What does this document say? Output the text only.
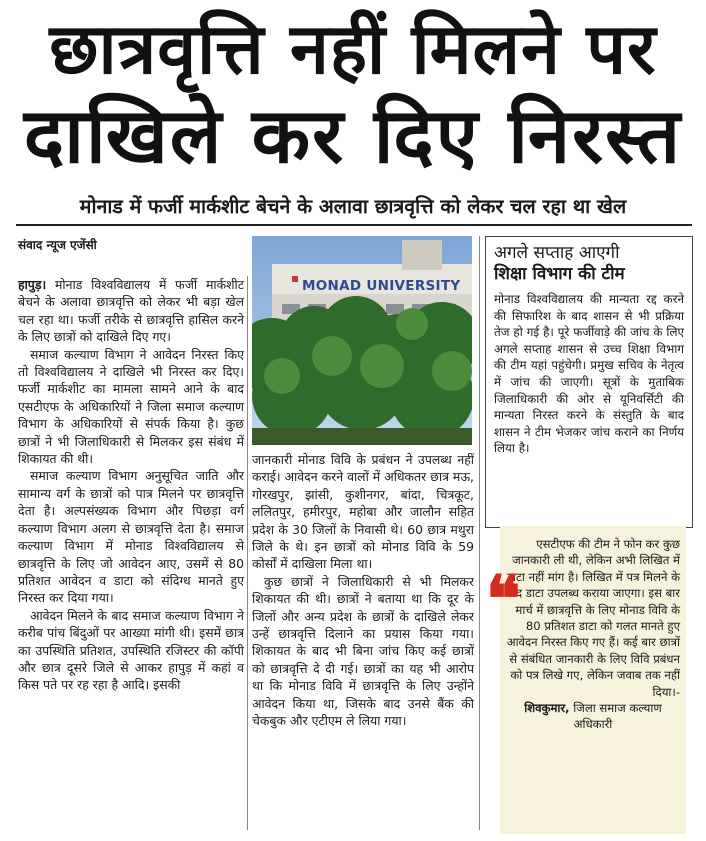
छात्रवृत्ति नहीं मिलने पर
दाखिले कर दिए निरस्त
मोनाड में फर्जी मार्कशीट बेचने के अलावा छात्रवृत्ति को लेकर चल रहा था खेल
संवाद न्यूज एजेंसी
MONAD UNIVERSITY

हापुड़। मोनाड विश्वविद्यालय में फर्जी मार्कशीट बेचने के अलावा छात्रवृत्ति को लेकर भी बड़ा खेल चल रहा था। फर्जी तरीके से छात्रवृत्ति हासिल करने के लिए छात्रों को दाखिले दिए गए।

समाज कल्याण विभाग ने आवेदन निरस्त किए तो विश्वविद्यालय ने दाखिले भी निरस्त कर दिए। फर्जी मार्कशीट का मामला सामने आने के बाद एसटीएफ के अधिकारियों ने जिला समाज कल्याण विभाग के अधिकारियों से संपर्क किया है। कुछ छात्रों ने भी जिलाधिकारी से मिलकर इस संबंध में शिकायत की थी।

समाज कल्याण विभाग अनुसूचित जाति और सामान्य वर्ग के छात्रों को पात्र मिलने पर छात्रवृत्ति देता है। अल्पसंख्यक विभाग और पिछड़ा वर्ग कल्याण विभाग अलग से छात्रवृत्ति देता है। समाज कल्याण विभाग में मोनाड विश्वविद्यालय से छात्रवृत्ति के लिए जो आवेदन आए, उसमें से 80 प्रतिशत आवेदन व डाटा को संदिग्ध मानते हुए निरस्त कर दिया गया।

आवेदन मिलने के बाद समाज कल्याण विभाग ने करीब पांच बिंदुओं पर आख्या मांगी थी। इसमें छात्र का उपस्थिति प्रतिशत, उपस्थिति रजिस्टर की कॉपी और छात्र दूसरे जिले से आकर हापुड़ में कहां व किस पते पर रह रहा है आदि। इसकी

जानकारी मोनाड विवि के प्रबंधन ने उपलब्ध नहीं कराई। आवेदन करने वालों में अधिकतर छात्र मऊ, गोरखपुर, झांसी, कुशीनगर, बांदा, चित्रकूट, ललितपुर, हमीरपुर, महोबा और जालौन सहित प्रदेश के 30 जिलों के निवासी थे। 60 छात्र मथुरा जिले के थे। इन छात्रों को मोनाड विवि के 59 कोर्सों में दाखिला मिला था।

कुछ छात्रों ने जिलाधिकारी से भी मिलकर शिकायत की थी। छात्रों ने बताया था कि दूर के जिलों और अन्य प्रदेश के छात्रों के दाखिले लेकर उन्हें छात्रवृत्ति दिलाने का प्रयास किया गया। शिकायत के बाद भी बिना जांच किए कई छात्रों को छात्रवृत्ति दे दी गई। छात्रों का यह भी आरोप था कि मोनाड विवि में छात्रवृत्ति के लिए उन्होंने आवेदन किया था, जिसके बाद उनसे बैंक की चेकबुक और एटीएम ले लिया गया।

अगले सप्ताह आएगी
शिक्षा विभाग की टीम
मोनाड विश्वविद्यालय की मान्यता रद्द करने की सिफारिश के बाद शासन से भी प्रक्रिया तेज हो गई है। पूरे फर्जीवाड़े की जांच के लिए अगले सप्ताह शासन से उच्च शिक्षा विभाग की टीम यहां पहुंचेगी। प्रमुख सचिव के नेतृत्व में जांच की जाएगी। सूत्रों के मुताबिक जिलाधिकारी की ओर से यूनिवर्सिटी की मान्यता निरस्त करने के संस्तुति के बाद शासन ने टीम भेजकर जांच कराने का निर्णय लिया है।
❝
एसटीएफ की टीम ने फोन कर कुछ जानकारी ली थी, लेकिन अभी लिखित में डाटा नहीं मांग है। लिखित में पत्र मिलने के बाद डाटा उपलब्ध कराया जाएगा। इस बार मार्च में छात्रवृत्ति के लिए मोनाड विवि के 80 प्रतिशत डाटा को गलत मानते हुए आवेदन निरस्त किए गए हैं। कई बार छात्रों से संबंधित जानकारी के लिए विवि प्रबंधन को पत्र लिखे गए, लेकिन जवाब तक नहीं दिया।-
शिवकुमार, जिला समाज कल्याण अधिकारी
